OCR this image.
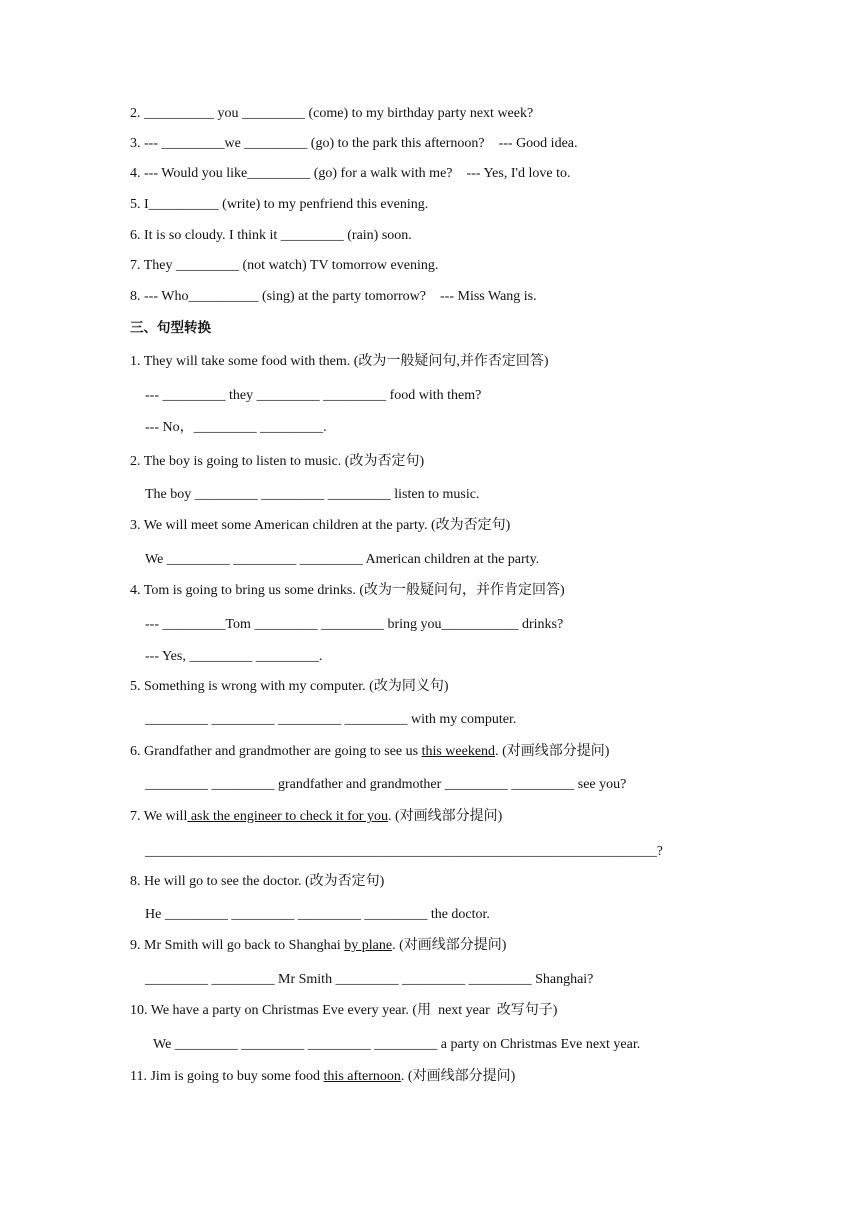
2. __________ you _________ (come) to my birthday party next week?
3. --- _________we _________ (go) to the park this afternoon?    --- Good idea.
4. --- Would you like_________ (go) for a walk with me?    --- Yes, I'd love to.
5. I__________ (write) to my penfriend this evening.
6. It is so cloudy. I think it _________ (rain) soon.
7. They _________ (not watch) TV tomorrow evening.
8. --- Who__________ (sing) at the party tomorrow?    --- Miss Wang is.
三、句型转换
1. They will take some food with them. (改为一般疑问句,并作否定回答)
--- _________ they _________ _________ food with them?
--- No，_________ _________.
2. The boy is going to listen to music. (改为否定句)
The boy _________ _________ _________ listen to music.
3. We will meet some American children at the party. (改为否定句)
We _________ _________ _________ American children at the party.
4. Tom is going to bring us some drinks. (改为一般疑问句，并作肯定回答)
--- _________Tom _________ _________ bring you___________ drinks?
--- Yes, _________ _________.
5. Something is wrong with my computer. (改为同义句)
_________ _________ _________ _________ with my computer.
6. Grandfather and grandmother are going to see us this weekend. (对画线部分提问)
_________ _________ grandfather and grandmother _________ _________ see you?
7. We will ask the engineer to check it for you. (对画线部分提问)
_____________________________________________________________________________?
8. He will go to see the doctor. (改为否定句)
He _________ _________ _________ _________ the doctor.
9. Mr Smith will go back to Shanghai by plane. (对画线部分提问)
_________ _________ Mr Smith _________ _________ _________ Shanghai?
10. We have a party on Christmas Eve every year. (用  next year  改写句子)
We _________ _________ _________ _________ a party on Christmas Eve next year.
11. Jim is going to buy some food this afternoon. (对画线部分提问)
